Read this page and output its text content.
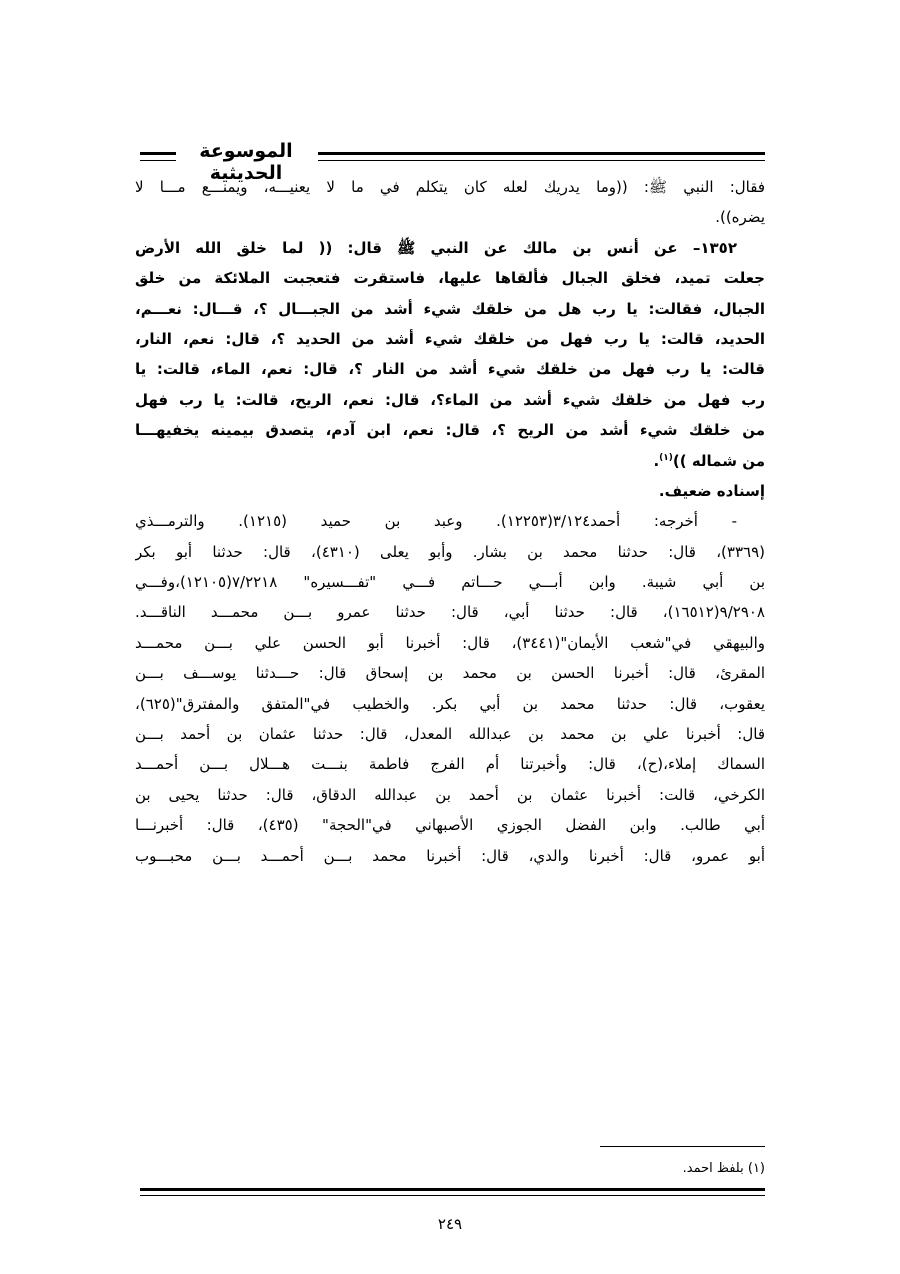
الموسوعة الحديثية
فقال: النبي ﷺ: ((وما يدريك لعله كان يتكلم في ما لا يعنيـــه، ويمنـــع مـــا لا
يضره)).
١٣٥٢– عن أنس بن مالك عن النبي ﷺ قال: (( لما خلق الله الأرض
جعلت تميد، فخلق الجبال فألقاها عليها، فاستقرت فتعجبت الملائكة من خلق
الجبال، فقالت: يا رب هل من خلقك شيء أشد من الجبـــال ؟، قـــال: نعـــم،
الحديد، قالت: يا رب فهل من خلقك شيء أشد من الحديد ؟، قال: نعم، النار،
قالت: يا رب فهل من خلقك شيء أشد من النار ؟، قال: نعم، الماء، قالت: يا
رب فهل من خلقك شيء أشد من الماء؟، قال: نعم، الريح، قالت: يا رب فهل
من خلقك شيء أشد من الريح ؟، قال: نعم، ابن آدم، يتصدق بيمينه يخفيهـــا
من شماله ))$^{(١)}$.
إسناده ضعيف.
- أخرجه: أحمد٣/١٢٤(١٢٢٥٣). وعبد بن حميد (١٢١٥). والترمـــذي
(٣٣٦٩)، قال: حدثنا محمد بن بشار. وأبو يعلى (٤٣١٠)، قال: حدثنا أبو بكر
بن أبي شيبة. وابن أبـــي حـــاتم فـــي "تفـــسيره" ٧/٢٢١٨(١٢١٠٥)،وفـــي
٩/٢٩٠٨(١٦٥١٢)، قال: حدثنا أبي، قال: حدثنا عمرو بـــن محمـــد الناقـــد.
والبيهقي في"شعب الأيمان"(٣٤٤١)، قال: أخبرنا أبو الحسن علي بـــن محمـــد
المقرئ، قال: أخبرنا الحسن بن محمد بن إسحاق قال: حـــدثنا يوســـف بـــن
يعقوب، قال: حدثنا محمد بن أبي بكر. والخطيب في"المتفق والمفترق"(٦٢٥)،
قال: أخبرنا علي بن محمد بن عبدالله المعدل، قال: حدثنا عثمان بن أحمد بـــن
السماك إملاء،(ح)، قال: وأخبرتنا أم الفرج فاطمة بنـــت هـــلال بـــن أحمـــد
الكرخي، قالت: أخبرنا عثمان بن أحمد بن عبدالله الدقاق، قال: حدثنا يحيى بن
أبي طالب. وابن الفضل الجوزي الأصبهاني في"الحجة" (٤٣٥)، قال: أخبرنـــا
أبو عمرو، قال: أخبرنا والدي، قال: أخبرنا محمد بـــن أحمـــد بـــن محبـــوب
(١) بلفظ احمد.
٢٤٩
